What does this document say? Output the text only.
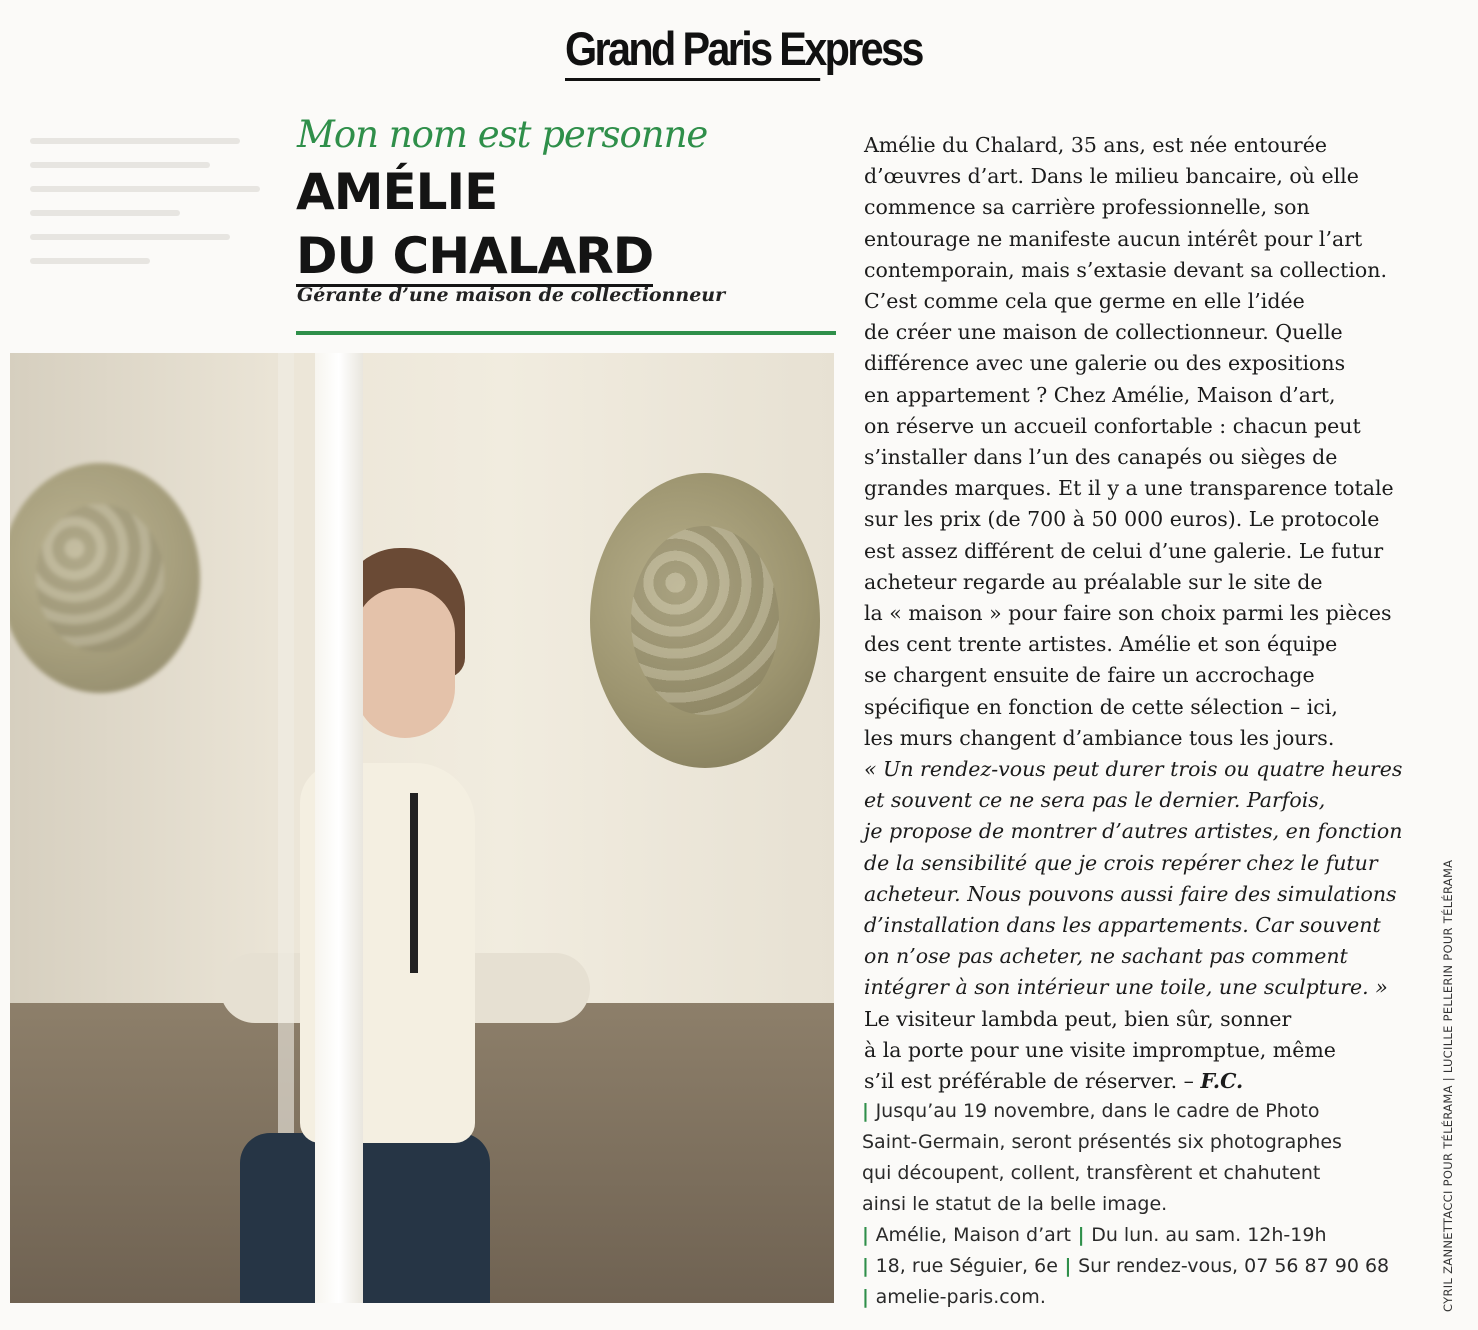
Grand Paris Express
Mon nom est personne
AMÉLIE
DU CHALARD
Gérante d’une maison de collectionneur
Amélie du Chalard, 35 ans, est née entourée
d’œuvres d’art. Dans le milieu bancaire, où elle
commence sa carrière professionnelle, son
entourage ne manifeste aucun intérêt pour l’art
contemporain, mais s’extasie devant sa collection.
C’est comme cela que germe en elle l’idée
de créer une maison de collectionneur. Quelle
différence avec une galerie ou des expositions
en appartement ? Chez Amélie, Maison d’art,
on réserve un accueil confortable : chacun peut
s’installer dans l’un des canapés ou sièges de
grandes marques. Et il y a une transparence totale
sur les prix (de 700 à 50 000 euros). Le protocole
est assez différent de celui d’une galerie. Le futur
acheteur regarde au préalable sur le site de
la « maison » pour faire son choix parmi les pièces
des cent trente artistes. Amélie et son équipe
se chargent ensuite de faire un accrochage
spécifique en fonction de cette sélection – ici,
les murs changent d’ambiance tous les jours.
« Un rendez-vous peut durer trois ou quatre heures
et souvent ce ne sera pas le dernier. Parfois,
je propose de montrer d’autres artistes, en fonction
de la sensibilité que je crois repérer chez le futur
acheteur. Nous pouvons aussi faire des simulations
d’installation dans les appartements. Car souvent
on n’ose pas acheter, ne sachant pas comment
intégrer à son intérieur une toile, une sculpture. »
Le visiteur lambda peut, bien sûr, sonner
à la porte pour une visite impromptue, même
s’il est préférable de réserver. – F.C.
| Jusqu’au 19 novembre, dans le cadre de Photo
Saint-Germain, seront présentés six photographes
qui découpent, collent, transfèrent et chahutent
ainsi le statut de la belle image.
| Amélie, Maison d’art | Du lun. au sam. 12h-19h
| 18, rue Séguier, 6e | Sur rendez-vous, 07 56 87 90 68
| amelie-paris.com.	CYRIL ZANNETTACCI POUR TÉLÉRAMA | LUCILLE PELLERIN POUR TÉLÉRAMA
